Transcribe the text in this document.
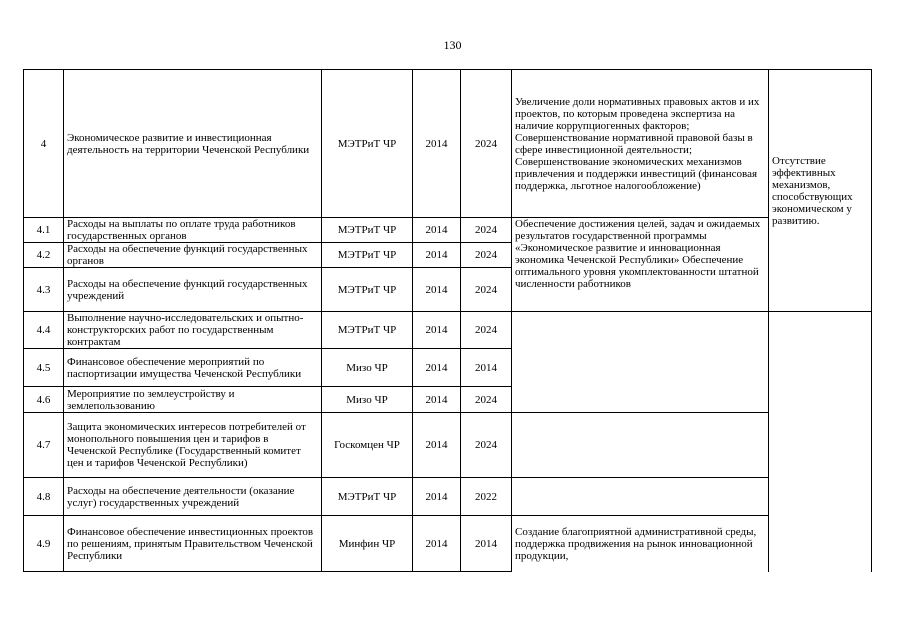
130
4	Экономическое развитие и инвестиционная деятельность на территории Чеченской Республики	МЭТРиТ ЧР	2014	2024	Увеличение доли нормативных правовых актов и их проектов, по которым проведена экспертиза на наличие коррупциогенных факторов; Совершенствование нормативной правовой базы в сфере инвестиционной деятельности; Совершенствование экономических механизмов привлечения и поддержки инвестиций (финансовая поддержка, льготное налогообложение)	Отсутствие эффективных механизмов, способствующих экономическом у развитию.
4.1	Расходы на выплаты по оплате труда работников государственных органов	МЭТРиТ ЧР	2014	2024	Обеспечение достижения целей, задач и ожидаемых результатов государственной программы «Экономическое развитие и инновационная экономика Чеченской Республики» Обеспечение оптимального уровня укомплектованности штатной численности работников	
4.2	Расходы на обеспечение функций государственных органов	МЭТРиТ ЧР	2014	2024		
4.3	Расходы на обеспечение функций государственных учреждений	МЭТРиТ ЧР	2014	2024		
4.4	Выполнение научно-исследовательских и опытно-конструкторских работ по государственным контрактам	МЭТРиТ ЧР	2014	2024		
4.5	Финансовое обеспечение мероприятий по паспортизации имущества Чеченской Республики	Мизо ЧР	2014	2014		
4.6	Мероприятие по землеустройству и землепользованию	Мизо ЧР	2014	2024		
4.7	Защита экономических интересов потребителей от монопольного повышения цен и тарифов в Чеченской Республике (Государственный комитет цен и тарифов Чеченской Республики)	Госкомцен ЧР	2014	2024		
4.8	Расходы на обеспечение деятельности (оказание услуг) государственных учреждений	МЭТРиТ ЧР	2014	2022		
4.9	Финансовое обеспечение инвестиционных проектов по решениям, принятым Правительством Чеченской Республики	Минфин ЧР	2014	2014	Создание благоприятной административной среды, поддержка продвижения на рынок инновационной продукции,	
